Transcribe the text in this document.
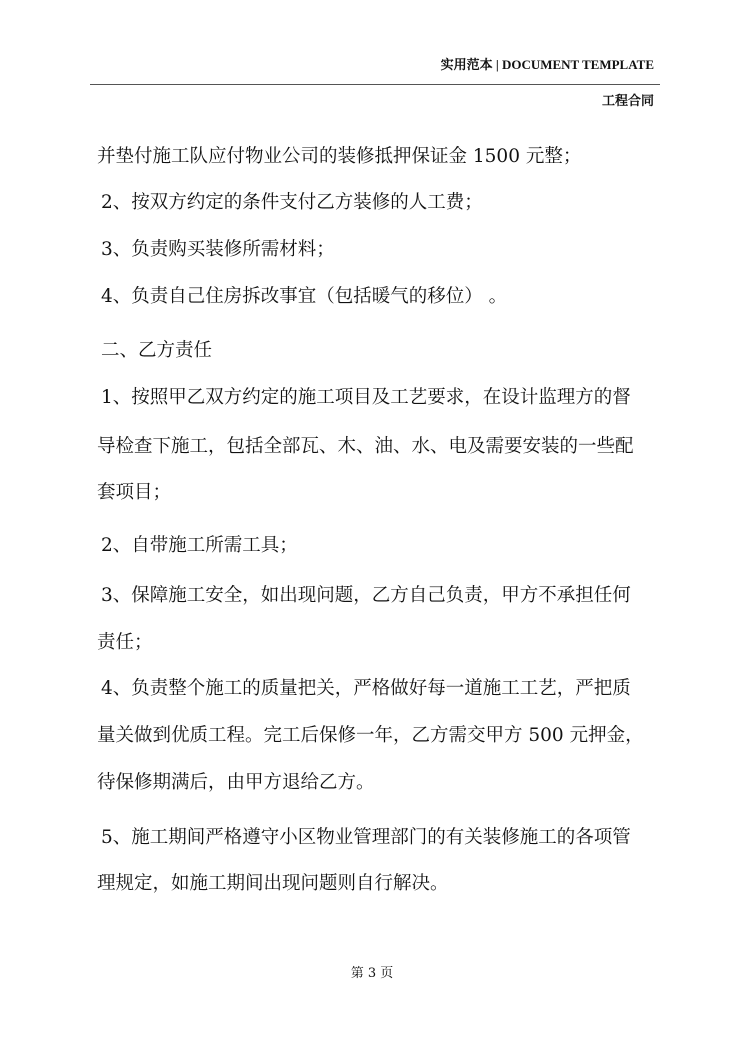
实用范本 | DOCUMENT TEMPLATE
工程合同
并垫付施工队应付物业公司的装修抵押保证金 1500 元整；
2、按双方约定的条件支付乙方装修的人工费；
3、负责购买装修所需材料；
4、负责自己住房拆改事宜（包括暖气的移位） 。
二、乙方责任
1、按照甲乙双方约定的施工项目及工艺要求，在设计监理方的督
导检查下施工，包括全部瓦、木、油、水、电及需要安装的一些配
套项目；
2、自带施工所需工具；
3、保障施工安全，如出现问题，乙方自己负责，甲方不承担任何
责任；
4、负责整个施工的质量把关，严格做好每一道施工工艺，严把质
量关做到优质工程。完工后保修一年，乙方需交甲方 500 元押金，
待保修期满后，由甲方退给乙方。
5、施工期间严格遵守小区物业管理部门的有关装修施工的各项管
理规定，如施工期间出现问题则自行解决。
第 3 页
